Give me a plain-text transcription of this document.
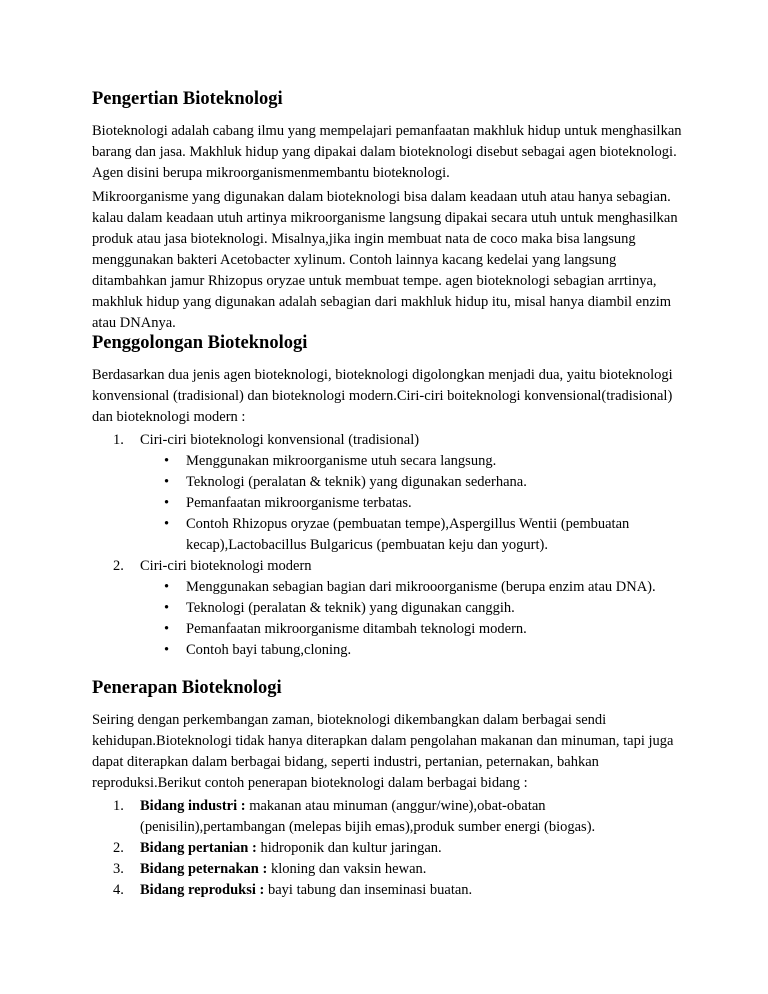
Pengertian Bioteknologi

Bioteknologi adalah cabang ilmu yang mempelajari pemanfaatan makhluk hidup untuk menghasilkan barang dan jasa. Makhluk hidup yang dipakai dalam bioteknologi disebut sebagai agen bioteknologi. Agen disini berupa mikroorganismenmembantu bioteknologi.

Mikroorganisme yang digunakan dalam bioteknologi bisa dalam keadaan utuh atau hanya sebagian. kalau dalam keadaan utuh artinya mikroorganisme langsung dipakai secara utuh untuk menghasilkan produk atau jasa bioteknologi. Misalnya,jika ingin membuat nata de coco maka bisa langsung menggunakan bakteri Acetobacter xylinum. Contoh lainnya kacang kedelai yang langsung ditambahkan jamur Rhizopus oryzae untuk membuat tempe. agen bioteknologi sebagian arrtinya, makhluk hidup yang digunakan adalah sebagian dari makhluk hidup itu, misal hanya diambil enzim atau DNAnya.

Penggolongan Bioteknologi

Berdasarkan dua jenis agen bioteknologi, bioteknologi digolongkan menjadi dua, yaitu bioteknologi konvensional (tradisional) dan bioteknologi modern.Ciri-ciri boiteknologi konvensional(tradisional) dan bioteknologi modern :

1. Ciri-ciri bioteknologi konvensional (tradisional)
• Menggunakan mikroorganisme utuh secara langsung.
• Teknologi (peralatan & teknik) yang digunakan sederhana.
• Pemanfaatan mikroorganisme terbatas.
• Contoh Rhizopus oryzae (pembuatan tempe),Aspergillus Wentii (pembuatan kecap),Lactobacillus Bulgaricus (pembuatan keju dan yogurt).
2. Ciri-ciri bioteknologi modern
• Menggunakan sebagian bagian dari mikrooorganisme (berupa enzim atau DNA).
• Teknologi (peralatan & teknik) yang digunakan canggih.
• Pemanfaatan mikroorganisme ditambah teknologi modern.
• Contoh bayi tabung,cloning.
Penerapan Bioteknologi

Seiring dengan perkembangan zaman, bioteknologi dikembangkan dalam berbagai sendi kehidupan.Bioteknologi tidak hanya diterapkan dalam pengolahan makanan dan minuman, tapi juga dapat diterapkan dalam berbagai bidang, seperti industri, pertanian, peternakan, bahkan reproduksi.Berikut contoh penerapan bioteknologi dalam berbagai bidang :

1. Bidang industri : makanan atau minuman (anggur/wine),obat-obatan (penisilin),pertambangan (melepas bijih emas),produk sumber energi (biogas).
2. Bidang pertanian : hidroponik dan kultur jaringan.
3. Bidang peternakan : kloning dan vaksin hewan.
4. Bidang reproduksi : bayi tabung dan inseminasi buatan.
